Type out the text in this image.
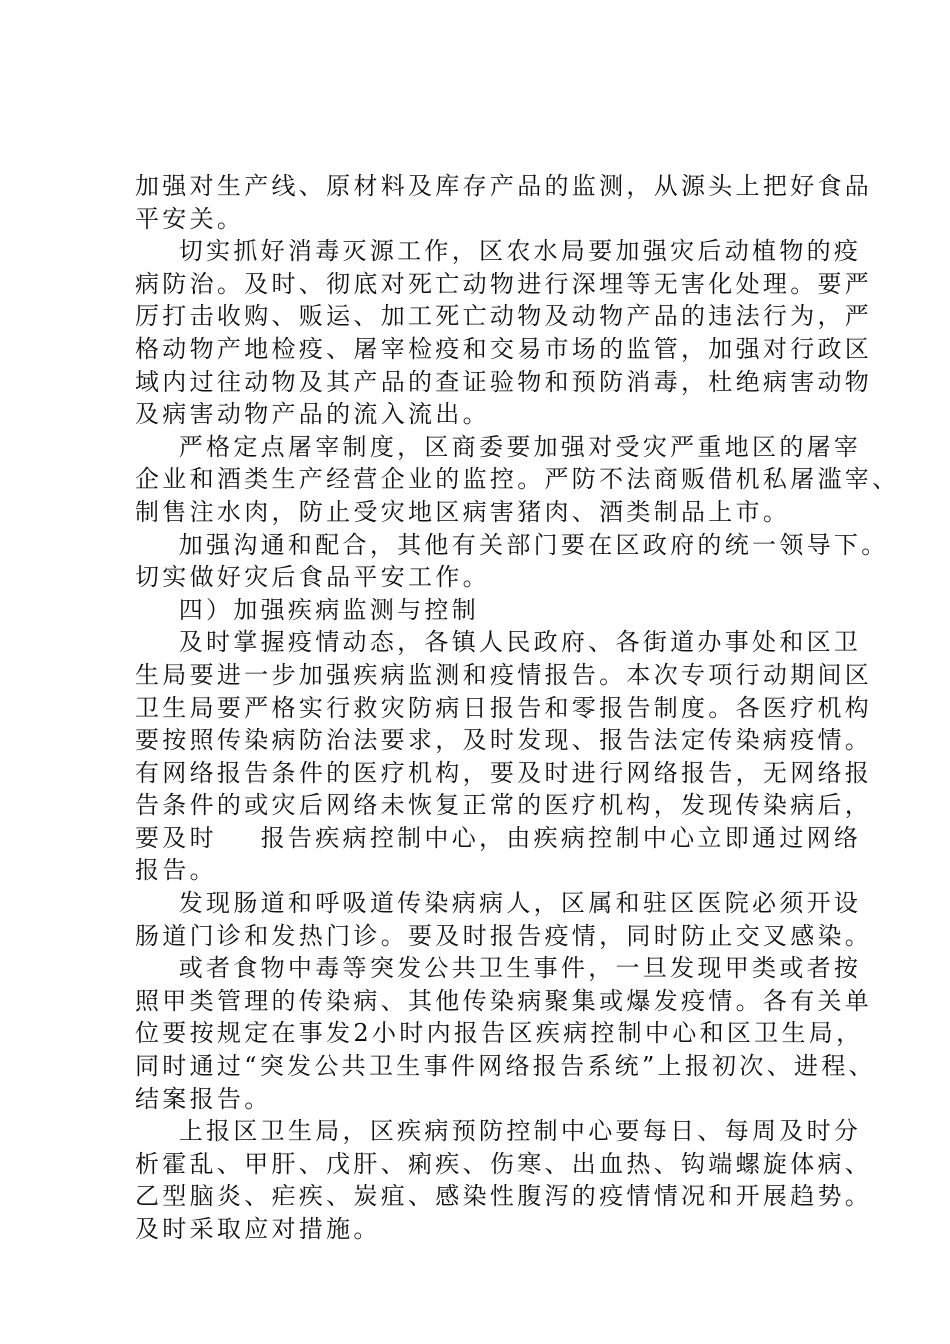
加强对生产线、原材料及库存产品的监测，从源头上把好食品
平安关。
切实抓好消毒灭源工作，区农水局要加强灾后动植物的疫
病防治。及时、彻底对死亡动物进行深埋等无害化处理。要严
厉打击收购、贩运、加工死亡动物及动物产品的违法行为，严
格动物产地检疫、屠宰检疫和交易市场的监管，加强对行政区
域内过往动物及其产品的查证验物和预防消毒，杜绝病害动物
及病害动物产品的流入流出。
严格定点屠宰制度，区商委要加强对受灾严重地区的屠宰
企业和酒类生产经营企业的监控。严防不法商贩借机私屠滥宰、
制售注水肉，防止受灾地区病害猪肉、酒类制品上市。
加强沟通和配合，其他有关部门要在区政府的统一领导下。
切实做好灾后食品平安工作。
四）加强疾病监测与控制
及时掌握疫情动态，各镇人民政府、各街道办事处和区卫
生局要进一步加强疾病监测和疫情报告。本次专项行动期间区
卫生局要严格实行救灾防病日报告和零报告制度。各医疗机构
要按照传染病防治法要求，及时发现、报告法定传染病疫情。
有网络报告条件的医疗机构，要及时进行网络报告，无网络报
告条件的或灾后网络未恢复正常的医疗机构，发现传染病后，
要及时    报告疾病控制中心，由疾病控制中心立即通过网络
报告。
发现肠道和呼吸道传染病病人，区属和驻区医院必须开设
肠道门诊和发热门诊。要及时报告疫情，同时防止交叉感染。
或者食物中毒等突发公共卫生事件，一旦发现甲类或者按
照甲类管理的传染病、其他传染病聚集或爆发疫情。各有关单
位要按规定在事发2小时内报告区疾病控制中心和区卫生局，
同时通过“突发公共卫生事件网络报告系统”上报初次、进程、
结案报告。
上报区卫生局，区疾病预防控制中心要每日、每周及时分
析霍乱、甲肝、戊肝、痢疾、伤寒、出血热、钩端螺旋体病、
乙型脑炎、疟疾、炭疽、感染性腹泻的疫情情况和开展趋势。
及时采取应对措施。
